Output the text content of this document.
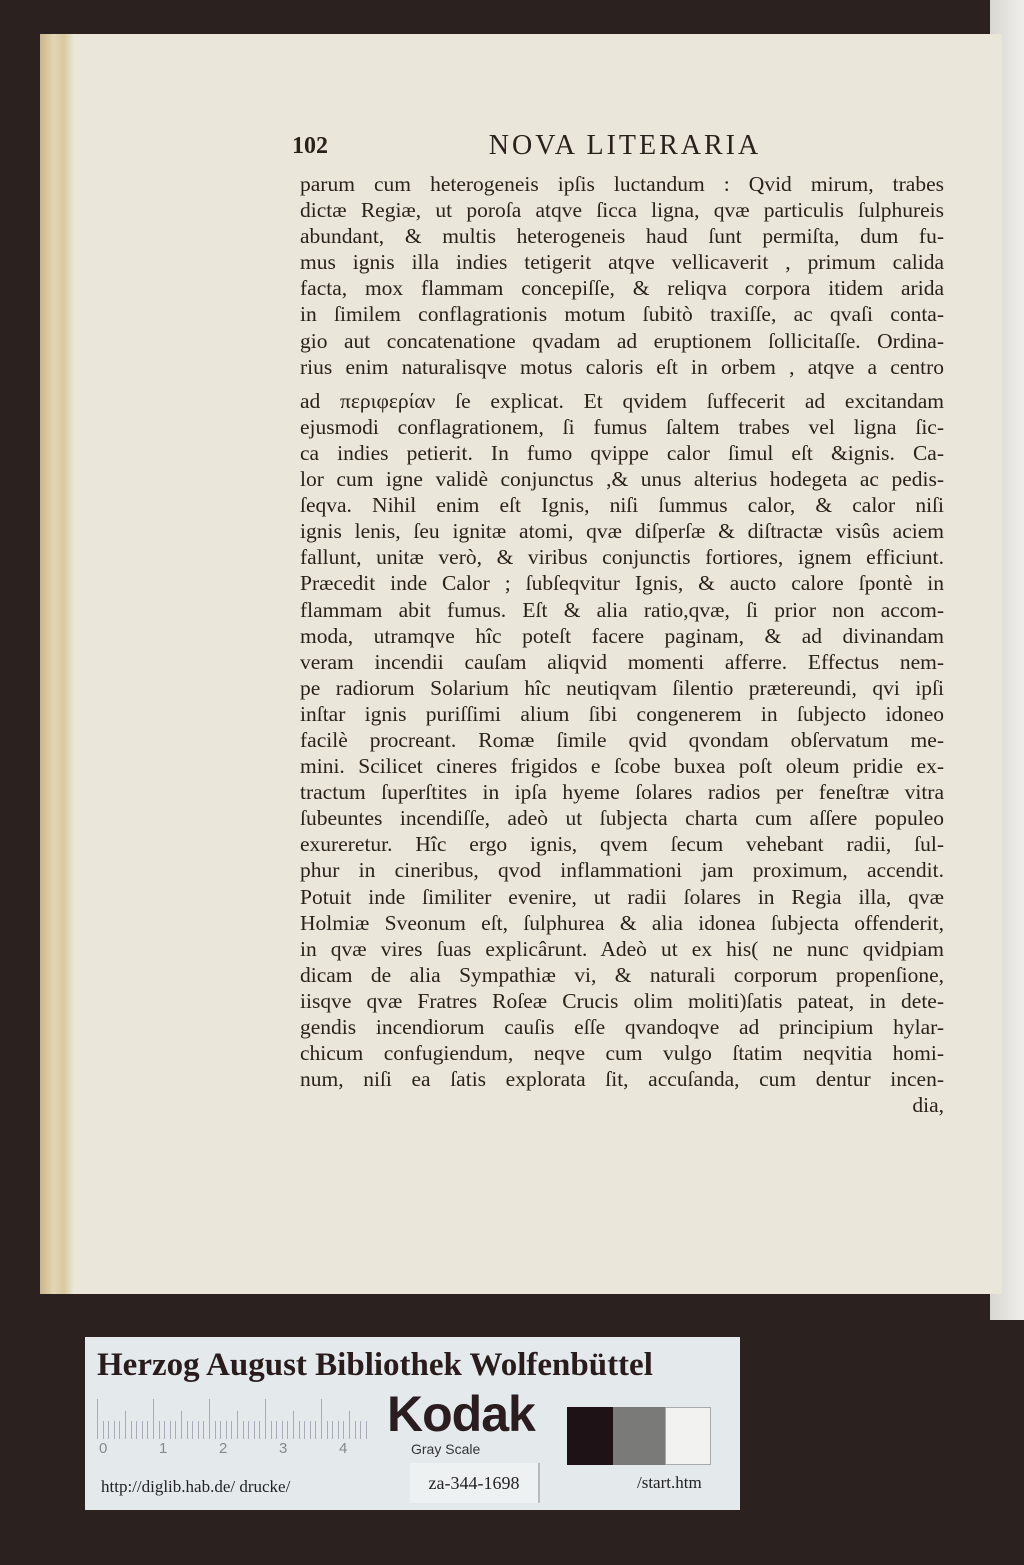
102	NOVA LITERARIA
parum cum heterogeneis ipſis luctandum : Qvid mirum, trabes
dictæ Regiæ, ut poroſa atqve ſicca ligna, qvæ particulis ſulphureis
abundant, & multis heterogeneis haud ſunt permiſta, dum fu-
mus ignis illa indies tetigerit atqve vellicaverit , primum calida
facta, mox flammam concepiſſe, & reliqva corpora itidem arida
in ſimilem conflagrationis motum ſubitò traxiſſe, ac qvaſi conta-
gio aut concatenatione qvadam ad eruptionem ſollicitaſſe. Ordina-
rius enim naturalisqve motus caloris eſt in orbem , atqve a centro
ad περιφερίαν ſe explicat. Et qvidem ſuffecerit ad excitandam
ejusmodi conflagrationem, ſi fumus ſaltem trabes vel ligna ſic-
ca indies petierit. In fumo qvippe calor ſimul eſt &ignis. Ca-
lor cum igne validè conjunctus ,& unus alterius hodegeta ac pedis-
ſeqva. Nihil enim eſt Ignis, niſi ſummus calor, & calor niſi
ignis lenis, ſeu ignitæ atomi, qvæ diſperſæ & diſtractæ visûs aciem
fallunt, unitæ verò, & viribus conjunctis fortiores, ignem efficiunt.
Præcedit inde Calor ; ſubſeqvitur Ignis, & aucto calore ſpontè in
flammam abit fumus. Eſt & alia ratio,qvæ, ſi prior non accom-
moda, utramqve hîc poteſt facere paginam, & ad divinandam
veram incendii cauſam aliqvid momenti afferre. Effectus nem-
pe radiorum Solarium hîc neutiqvam ſilentio prætereundi, qvi ipſi
inſtar ignis puriſſimi alium ſibi congenerem in ſubjecto idoneo
facilè procreant. Romæ ſimile qvid qvondam obſervatum me-
mini. Scilicet cineres frigidos e ſcobe buxea poſt oleum pridie ex-
tractum ſuperſtites in ipſa hyeme ſolares radios per feneſtræ vitra
ſubeuntes incendiſſe, adeò ut ſubjecta charta cum aſſere populeo
exureretur. Hîc ergo ignis, qvem ſecum vehebant radii, ſul-
phur in cineribus, qvod inflammationi jam proximum, accendit.
Potuit inde ſimiliter evenire, ut radii ſolares in Regia illa, qvæ
Holmiæ Sveonum eſt, ſulphurea & alia idonea ſubjecta offenderit,
in qvæ vires ſuas explicârunt. Adeò ut ex his( ne nunc qvidpiam
dicam de alia Sympathiæ vi, & naturali corporum propenſione,
iisqve qvæ Fratres Roſeæ Crucis olim moliti)ſatis pateat, in dete-
gendis incendiorum cauſis eſſe qvandoqve ad principium hylar-
chicum confugiendum, neqve cum vulgo ſtatim neqvitia homi-
num, niſi ea ſatis explorata ſit, accuſanda, cum dentur incen-
dia,
Herzog August Bibliothek Wolfenbüttel
0	1	2	3	4
Kodak
Gray Scale
http://diglib.hab.de/ drucke/	za-344-1698	/start.htm
